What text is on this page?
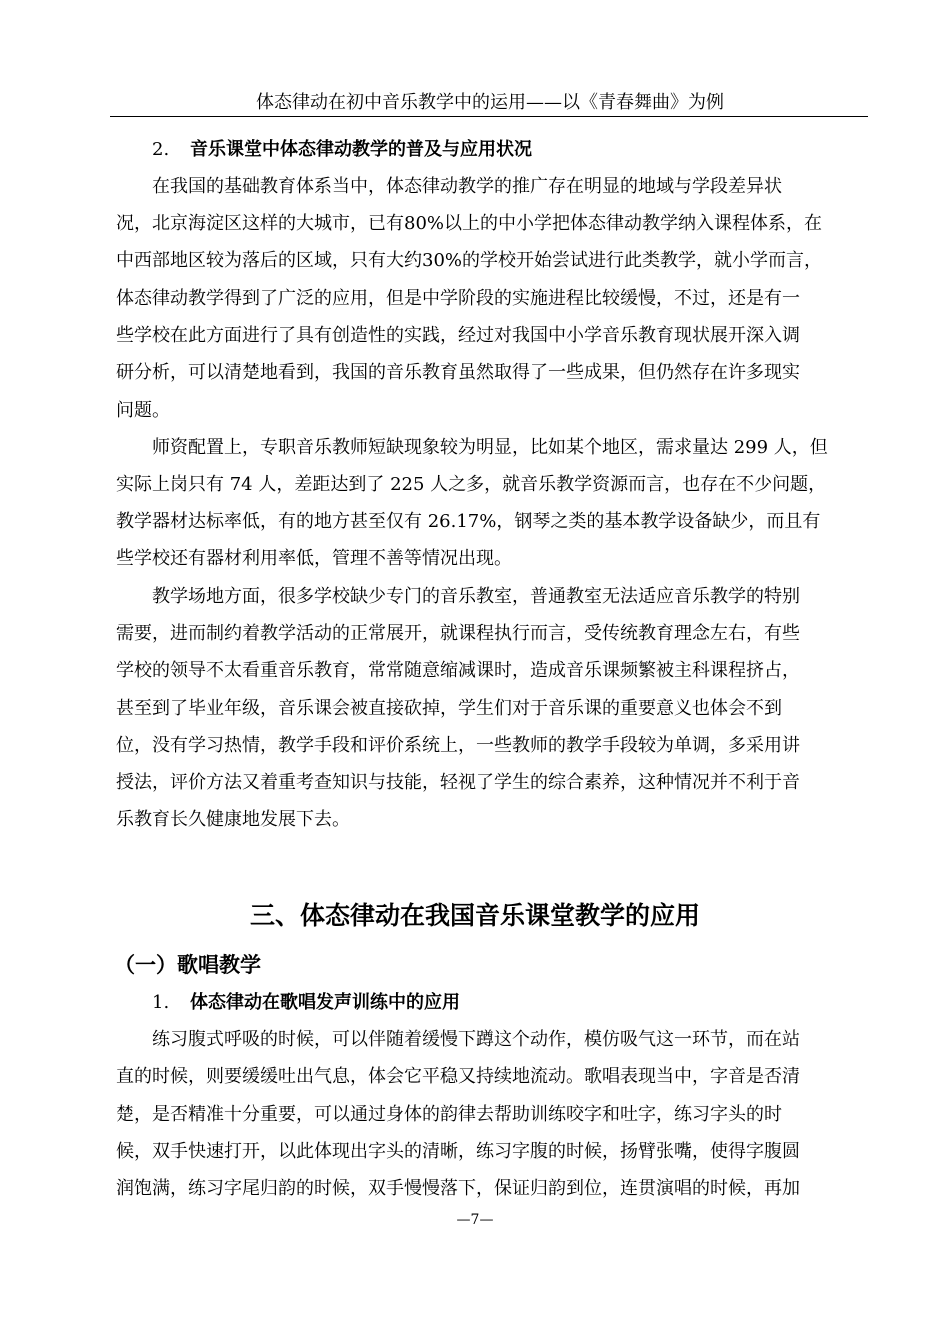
体态律动在初中音乐教学中的运用——以《青春舞曲》为例
2. 音乐课堂中体态律动教学的普及与应用状况
在我国的基础教育体系当中，体态律动教学的推广存在明显的地域与学段差异状
况，北京海淀区这样的大城市，已有80%以上的中小学把体态律动教学纳入课程体系，在
中西部地区较为落后的区域，只有大约30%的学校开始尝试进行此类教学，就小学而言，
体态律动教学得到了广泛的应用，但是中学阶段的实施进程比较缓慢，不过，还是有一
些学校在此方面进行了具有创造性的实践，经过对我国中小学音乐教育现状展开深入调
研分析，可以清楚地看到，我国的音乐教育虽然取得了一些成果，但仍然存在许多现实
问题。
师资配置上，专职音乐教师短缺现象较为明显，比如某个地区，需求量达 299 人，但
实际上岗只有 74 人，差距达到了 225 人之多，就音乐教学资源而言，也存在不少问题，
教学器材达标率低，有的地方甚至仅有 26.17%，钢琴之类的基本教学设备缺少，而且有
些学校还有器材利用率低，管理不善等情况出现。
教学场地方面，很多学校缺少专门的音乐教室，普通教室无法适应音乐教学的特别
需要，进而制约着教学活动的正常展开，就课程执行而言，受传统教育理念左右，有些
学校的领导不太看重音乐教育，常常随意缩减课时，造成音乐课频繁被主科课程挤占，
甚至到了毕业年级，音乐课会被直接砍掉，学生们对于音乐课的重要意义也体会不到
位，没有学习热情，教学手段和评价系统上，一些教师的教学手段较为单调，多采用讲
授法，评价方法又着重考查知识与技能，轻视了学生的综合素养，这种情况并不利于音
乐教育长久健康地发展下去。
三、体态律动在我国音乐课堂教学的应用
（一）歌唱教学
1. 体态律动在歌唱发声训练中的应用
练习腹式呼吸的时候，可以伴随着缓慢下蹲这个动作，模仿吸气这一环节，而在站
直的时候，则要缓缓吐出气息，体会它平稳又持续地流动。歌唱表现当中，字音是否清
楚，是否精准十分重要，可以通过身体的韵律去帮助训练咬字和吐字，练习字头的时
候，双手快速打开，以此体现出字头的清晰，练习字腹的时候，扬臂张嘴，使得字腹圆
润饱满，练习字尾归韵的时候，双手慢慢落下，保证归韵到位，连贯演唱的时候，再加
—7—
